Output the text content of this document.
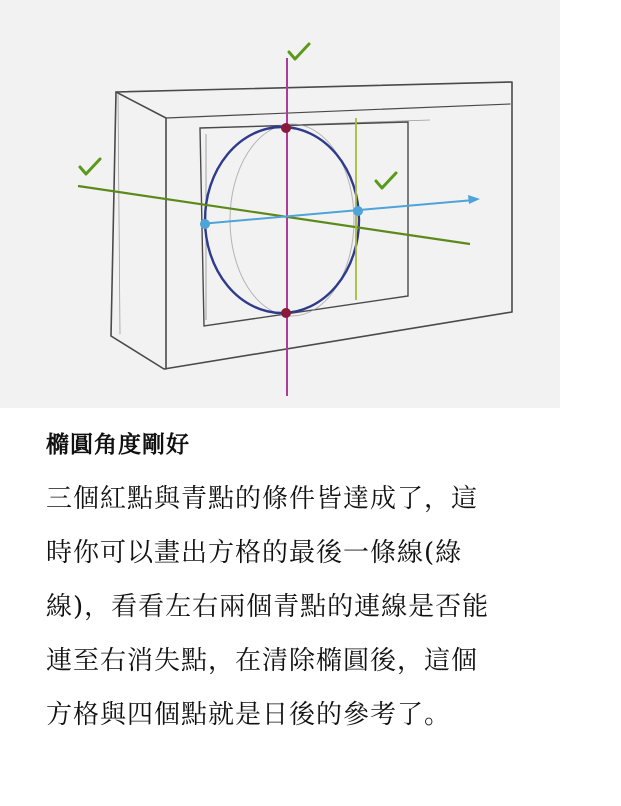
橢圓角度剛好
三個紅點與青點的條件皆達成了，這
時你可以畫出方格的最後一條線(綠
線)，看看左右兩個青點的連線是否能
連至右消失點，在清除橢圓後，這個
方格與四個點就是日後的參考了。
